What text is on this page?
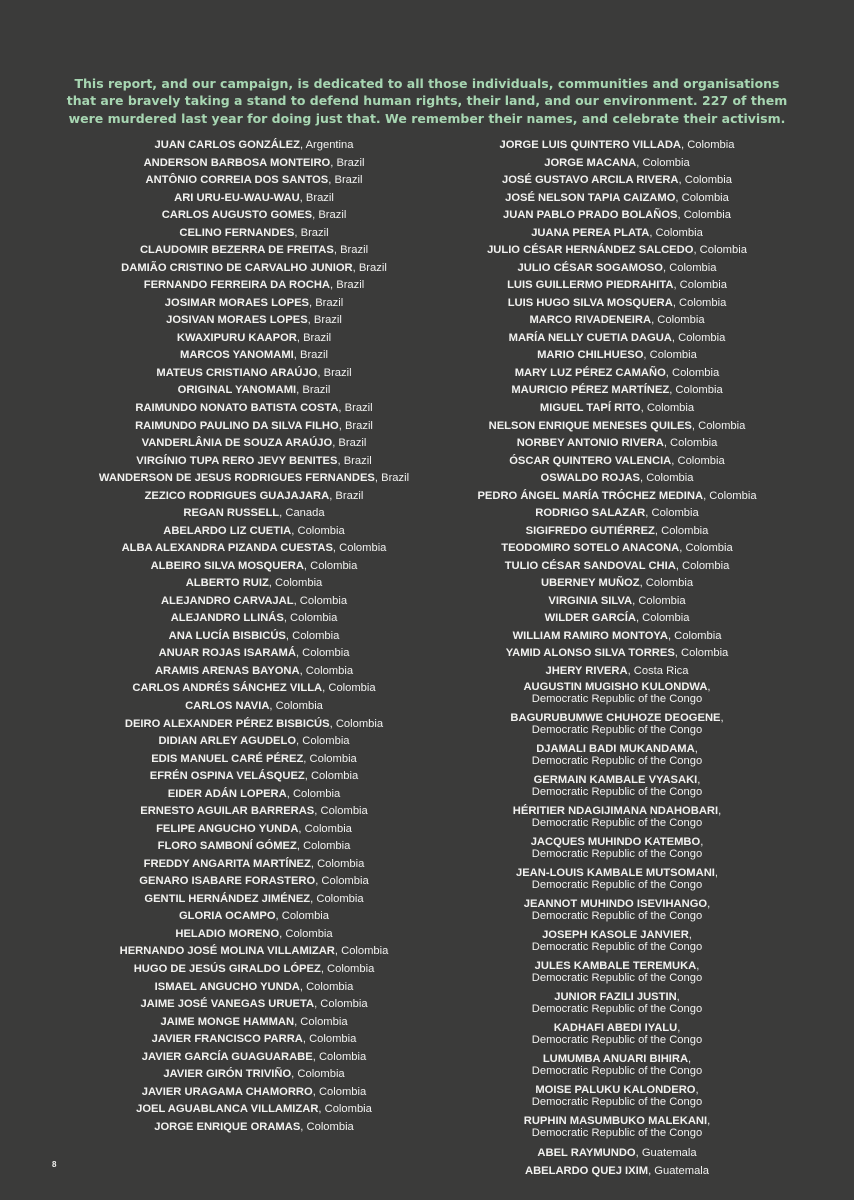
This report, and our campaign, is dedicated to all those individuals, communities and organisations that are bravely taking a stand to defend human rights, their land, and our environment. 227 of them were murdered last year for doing just that. We remember their names, and celebrate their activism.

JUAN CARLOS GONZÁLEZ, Argentina
ANDERSON BARBOSA MONTEIRO, Brazil
ANTÔNIO CORREIA DOS SANTOS, Brazil
ARI URU-EU-WAU-WAU, Brazil
CARLOS AUGUSTO GOMES, Brazil
CELINO FERNANDES, Brazil
CLAUDOMIR BEZERRA DE FREITAS, Brazil
DAMIÃO CRISTINO DE CARVALHO JUNIOR, Brazil
FERNANDO FERREIRA DA ROCHA, Brazil
JOSIMAR MORAES LOPES, Brazil
JOSIVAN MORAES LOPES, Brazil
KWAXIPURU KAAPOR, Brazil
MARCOS YANOMAMI, Brazil
MATEUS CRISTIANO ARAÚJO, Brazil
ORIGINAL YANOMAMI, Brazil
RAIMUNDO NONATO BATISTA COSTA, Brazil
RAIMUNDO PAULINO DA SILVA FILHO, Brazil
VANDERLÂNIA DE SOUZA ARAÚJO, Brazil
VIRGÍNIO TUPA RERO JEVY BENITES, Brazil
WANDERSON DE JESUS RODRIGUES FERNANDES, Brazil
ZEZICO RODRIGUES GUAJAJARA, Brazil
REGAN RUSSELL, Canada
ABELARDO LIZ CUETIA, Colombia
ALBA ALEXANDRA PIZANDA CUESTAS, Colombia
ALBEIRO SILVA MOSQUERA, Colombia
ALBERTO RUIZ, Colombia
ALEJANDRO CARVAJAL, Colombia
ALEJANDRO LLINÁS, Colombia
ANA LUCÍA BISBICÚS, Colombia
ANUAR ROJAS ISARAMÁ, Colombia
ARAMIS ARENAS BAYONA, Colombia
CARLOS ANDRÉS SÁNCHEZ VILLA, Colombia
CARLOS NAVIA, Colombia
DEIRO ALEXANDER PÉREZ BISBICÚS, Colombia
DIDIAN ARLEY AGUDELO, Colombia
EDIS MANUEL CARÉ PÉREZ, Colombia
EFRÉN OSPINA VELÁSQUEZ, Colombia
EIDER ADÁN LOPERA, Colombia
ERNESTO AGUILAR BARRERAS, Colombia
FELIPE ANGUCHO YUNDA, Colombia
FLORO SAMBONÍ GÓMEZ, Colombia
FREDDY ANGARITA MARTÍNEZ, Colombia
GENARO ISABARE FORASTERO, Colombia
GENTIL HERNÁNDEZ JIMÉNEZ, Colombia
GLORIA OCAMPO, Colombia
HELADIO MORENO, Colombia
HERNANDO JOSÉ MOLINA VILLAMIZAR, Colombia
HUGO DE JESÚS GIRALDO LÓPEZ, Colombia
ISMAEL ANGUCHO YUNDA, Colombia
JAIME JOSÉ VANEGAS URUETA, Colombia
JAIME MONGE HAMMAN, Colombia
JAVIER FRANCISCO PARRA, Colombia
JAVIER GARCÍA GUAGUARABE, Colombia
JAVIER GIRÓN TRIVIÑO, Colombia
JAVIER URAGAMA CHAMORRO, Colombia
JOEL AGUABLANCA VILLAMIZAR, Colombia
JORGE ENRIQUE ORAMAS, Colombia
JORGE LUIS QUINTERO VILLADA, Colombia
JORGE MACANA, Colombia
JOSÉ GUSTAVO ARCILA RIVERA, Colombia
JOSÉ NELSON TAPIA CAIZAMO, Colombia
JUAN PABLO PRADO BOLAÑOS, Colombia
JUANA PEREA PLATA, Colombia
JULIO CÉSAR HERNÁNDEZ SALCEDO, Colombia
JULIO CÉSAR SOGAMOSO, Colombia
LUIS GUILLERMO PIEDRAHITA, Colombia
LUIS HUGO SILVA MOSQUERA, Colombia
MARCO RIVADENEIRA, Colombia
MARÍA NELLY CUETIA DAGUA, Colombia
MARIO CHILHUESO, Colombia
MARY LUZ PÉREZ CAMAÑO, Colombia
MAURICIO PÉREZ MARTÍNEZ, Colombia
MIGUEL TAPÍ RITO, Colombia
NELSON ENRIQUE MENESES QUILES, Colombia
NORBEY ANTONIO RIVERA, Colombia
ÓSCAR QUINTERO VALENCIA, Colombia
OSWALDO ROJAS, Colombia
PEDRO ÁNGEL MARÍA TRÓCHEZ MEDINA, Colombia
RODRIGO SALAZAR, Colombia
SIGIFREDO GUTIÉRREZ, Colombia
TEODOMIRO SOTELO ANACONA, Colombia
TULIO CÉSAR SANDOVAL CHIA, Colombia
UBERNEY MUÑOZ, Colombia
VIRGINIA SILVA, Colombia
WILDER GARCÍA, Colombia
WILLIAM RAMIRO MONTOYA, Colombia
YAMID ALONSO SILVA TORRES, Colombia
JHERY RIVERA, Costa Rica
AUGUSTIN MUGISHO KULONDWA,
Democratic Republic of the Congo
BAGURUBUMWE CHUHOZE DEOGENE,
Democratic Republic of the Congo
DJAMALI BADI MUKANDAMA,
Democratic Republic of the Congo
GERMAIN KAMBALE VYASAKI,
Democratic Republic of the Congo
HÉRITIER NDAGIJIMANA NDAHOBARI,
Democratic Republic of the Congo
JACQUES MUHINDO KATEMBO,
Democratic Republic of the Congo
JEAN-LOUIS KAMBALE MUTSOMANI,
Democratic Republic of the Congo
JEANNOT MUHINDO ISEVIHANGO,
Democratic Republic of the Congo
JOSEPH KASOLE JANVIER,
Democratic Republic of the Congo
JULES KAMBALE TEREMUKA,
Democratic Republic of the Congo
JUNIOR FAZILI JUSTIN,
Democratic Republic of the Congo
KADHAFI ABEDI IYALU,
Democratic Republic of the Congo
LUMUMBA ANUARI BIHIRA,
Democratic Republic of the Congo
MOISE PALUKU KALONDERO,
Democratic Republic of the Congo
RUPHIN MASUMBUKO MALEKANI,
Democratic Republic of the Congo
ABEL RAYMUNDO, Guatemala
ABELARDO QUEJ IXIM, Guatemala
8
